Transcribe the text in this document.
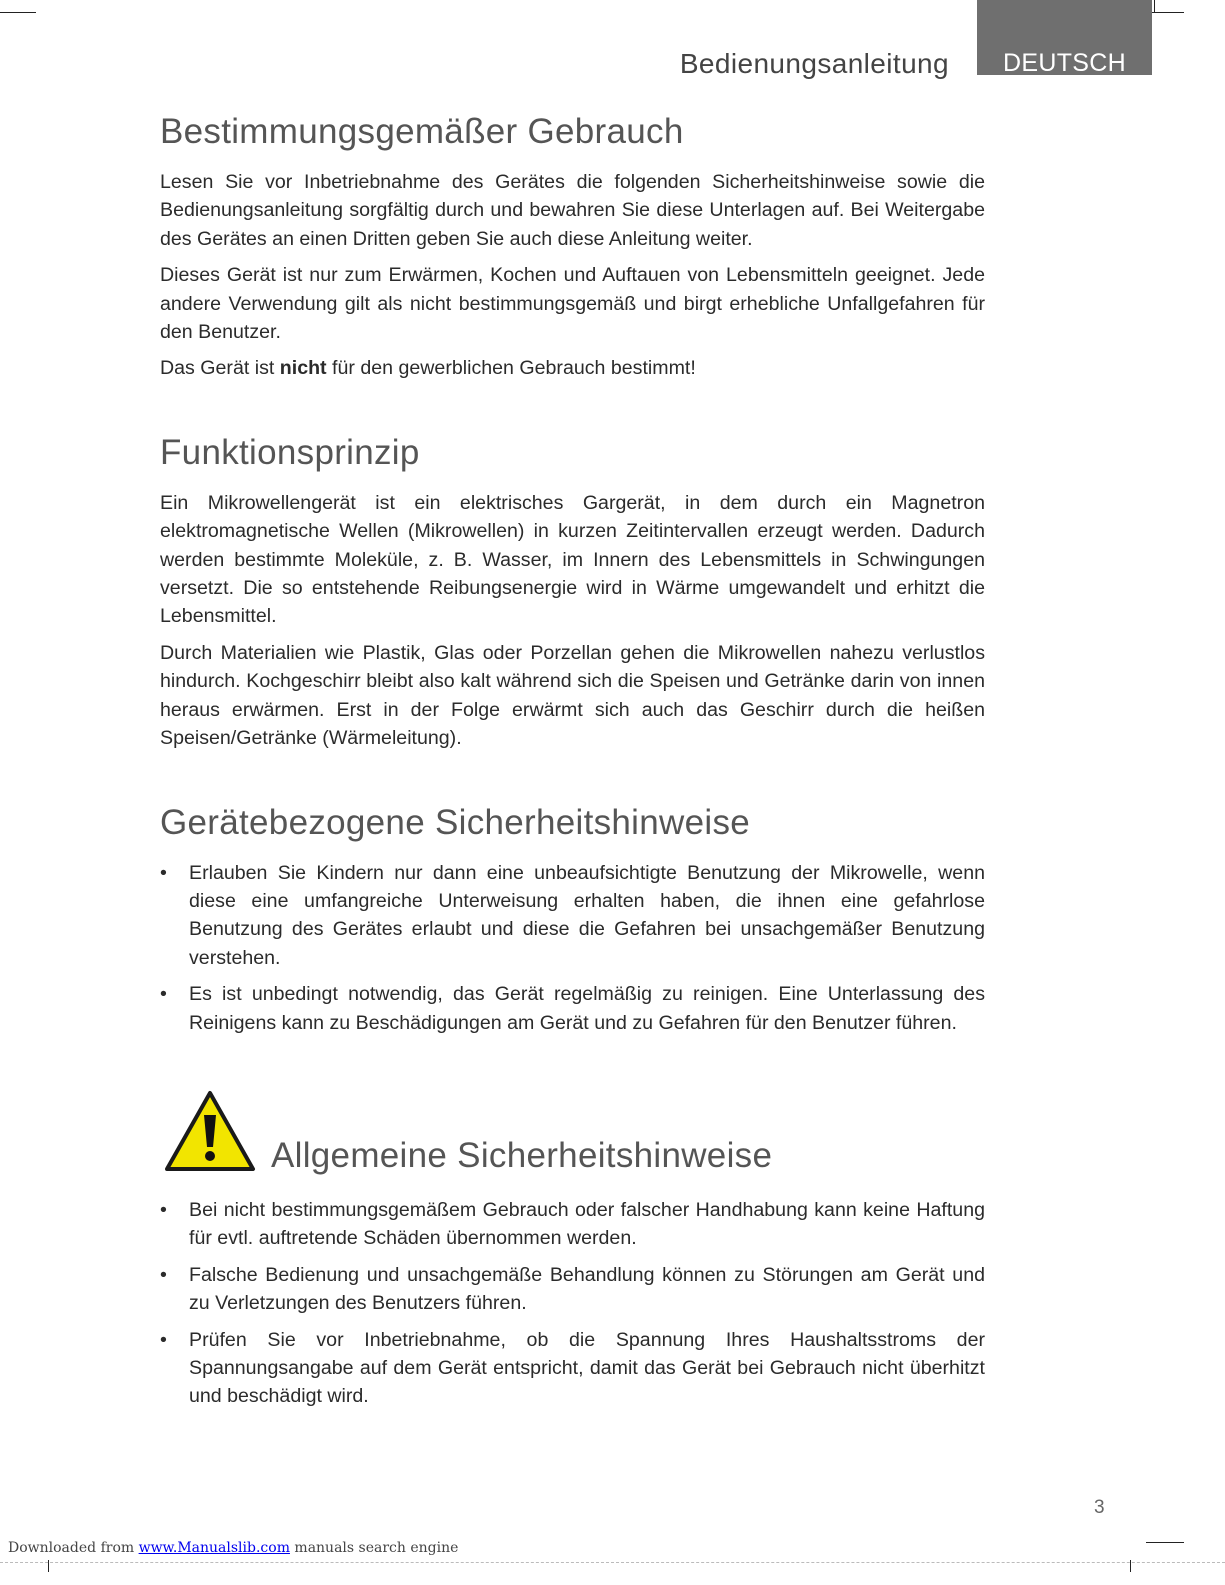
Bedienungsanleitung	DEUTSCH
Bestimmungsgemäßer Gebrauch

Lesen Sie vor Inbetriebnahme des Gerätes die folgenden Sicherheitshinweise sowie die Bedienungsanleitung sorgfältig durch und bewahren Sie diese Unterlagen auf. Bei Weitergabe des Gerätes an einen Dritten geben Sie auch diese Anleitung weiter.

Dieses Gerät ist nur zum Erwärmen, Kochen und Auftauen von Lebensmitteln geeignet. Jede andere Verwendung gilt als nicht bestimmungsgemäß und birgt erhebliche Unfallgefahren für den Benutzer.

Das Gerät ist nicht für den gewerblichen Gebrauch bestimmt!

Funktionsprinzip

Ein Mikrowellengerät ist ein elektrisches Gargerät, in dem durch ein Magnetron elektromagnetische Wellen (Mikrowellen) in kurzen Zeitintervallen erzeugt werden. Dadurch werden bestimmte Moleküle, z. B. Wasser, im Innern des Lebensmittels in Schwingungen versetzt. Die so entstehende Reibungsenergie wird in Wärme umgewandelt und erhitzt die Lebensmittel.

Durch Materialien wie Plastik, Glas oder Porzellan gehen die Mikrowellen nahezu verlustlos hindurch. Kochgeschirr bleibt also kalt während sich die Speisen und Getränke darin von innen heraus erwärmen. Erst in der Folge erwärmt sich auch das Geschirr durch die heißen Speisen/Getränke (Wärmeleitung).

Gerätebezogene Sicherheitshinweise
• Erlauben Sie Kindern nur dann eine unbeaufsichtigte Benutzung der Mikrowelle, wenn diese eine umfangreiche Unterweisung erhalten haben, die ihnen eine gefahrlose Benutzung des Gerätes erlaubt und diese die Gefahren bei unsachgemäßer Benutzung verstehen.
• Es ist unbedingt notwendig, das Gerät regelmäßig zu reinigen. Eine Unterlassung des Reinigens kann zu Beschädigungen am Gerät und zu Gefahren für den Benutzer führen.
Allgemeine Sicherheitshinweise
• Bei nicht bestimmungsgemäßem Gebrauch oder falscher Handhabung kann keine Haftung für evtl. auftretende Schäden übernommen werden.
• Falsche Bedienung und unsachgemäße Behandlung können zu Störungen am Gerät und zu Verletzungen des Benutzers führen.
• Prüfen Sie vor Inbetriebnahme, ob die Spannung Ihres Haushaltsstroms der Spannungsangabe auf dem Gerät entspricht, damit das Gerät bei Gebrauch nicht überhitzt und beschädigt wird.
3
Downloaded from www.Manualslib.com manuals search engine
